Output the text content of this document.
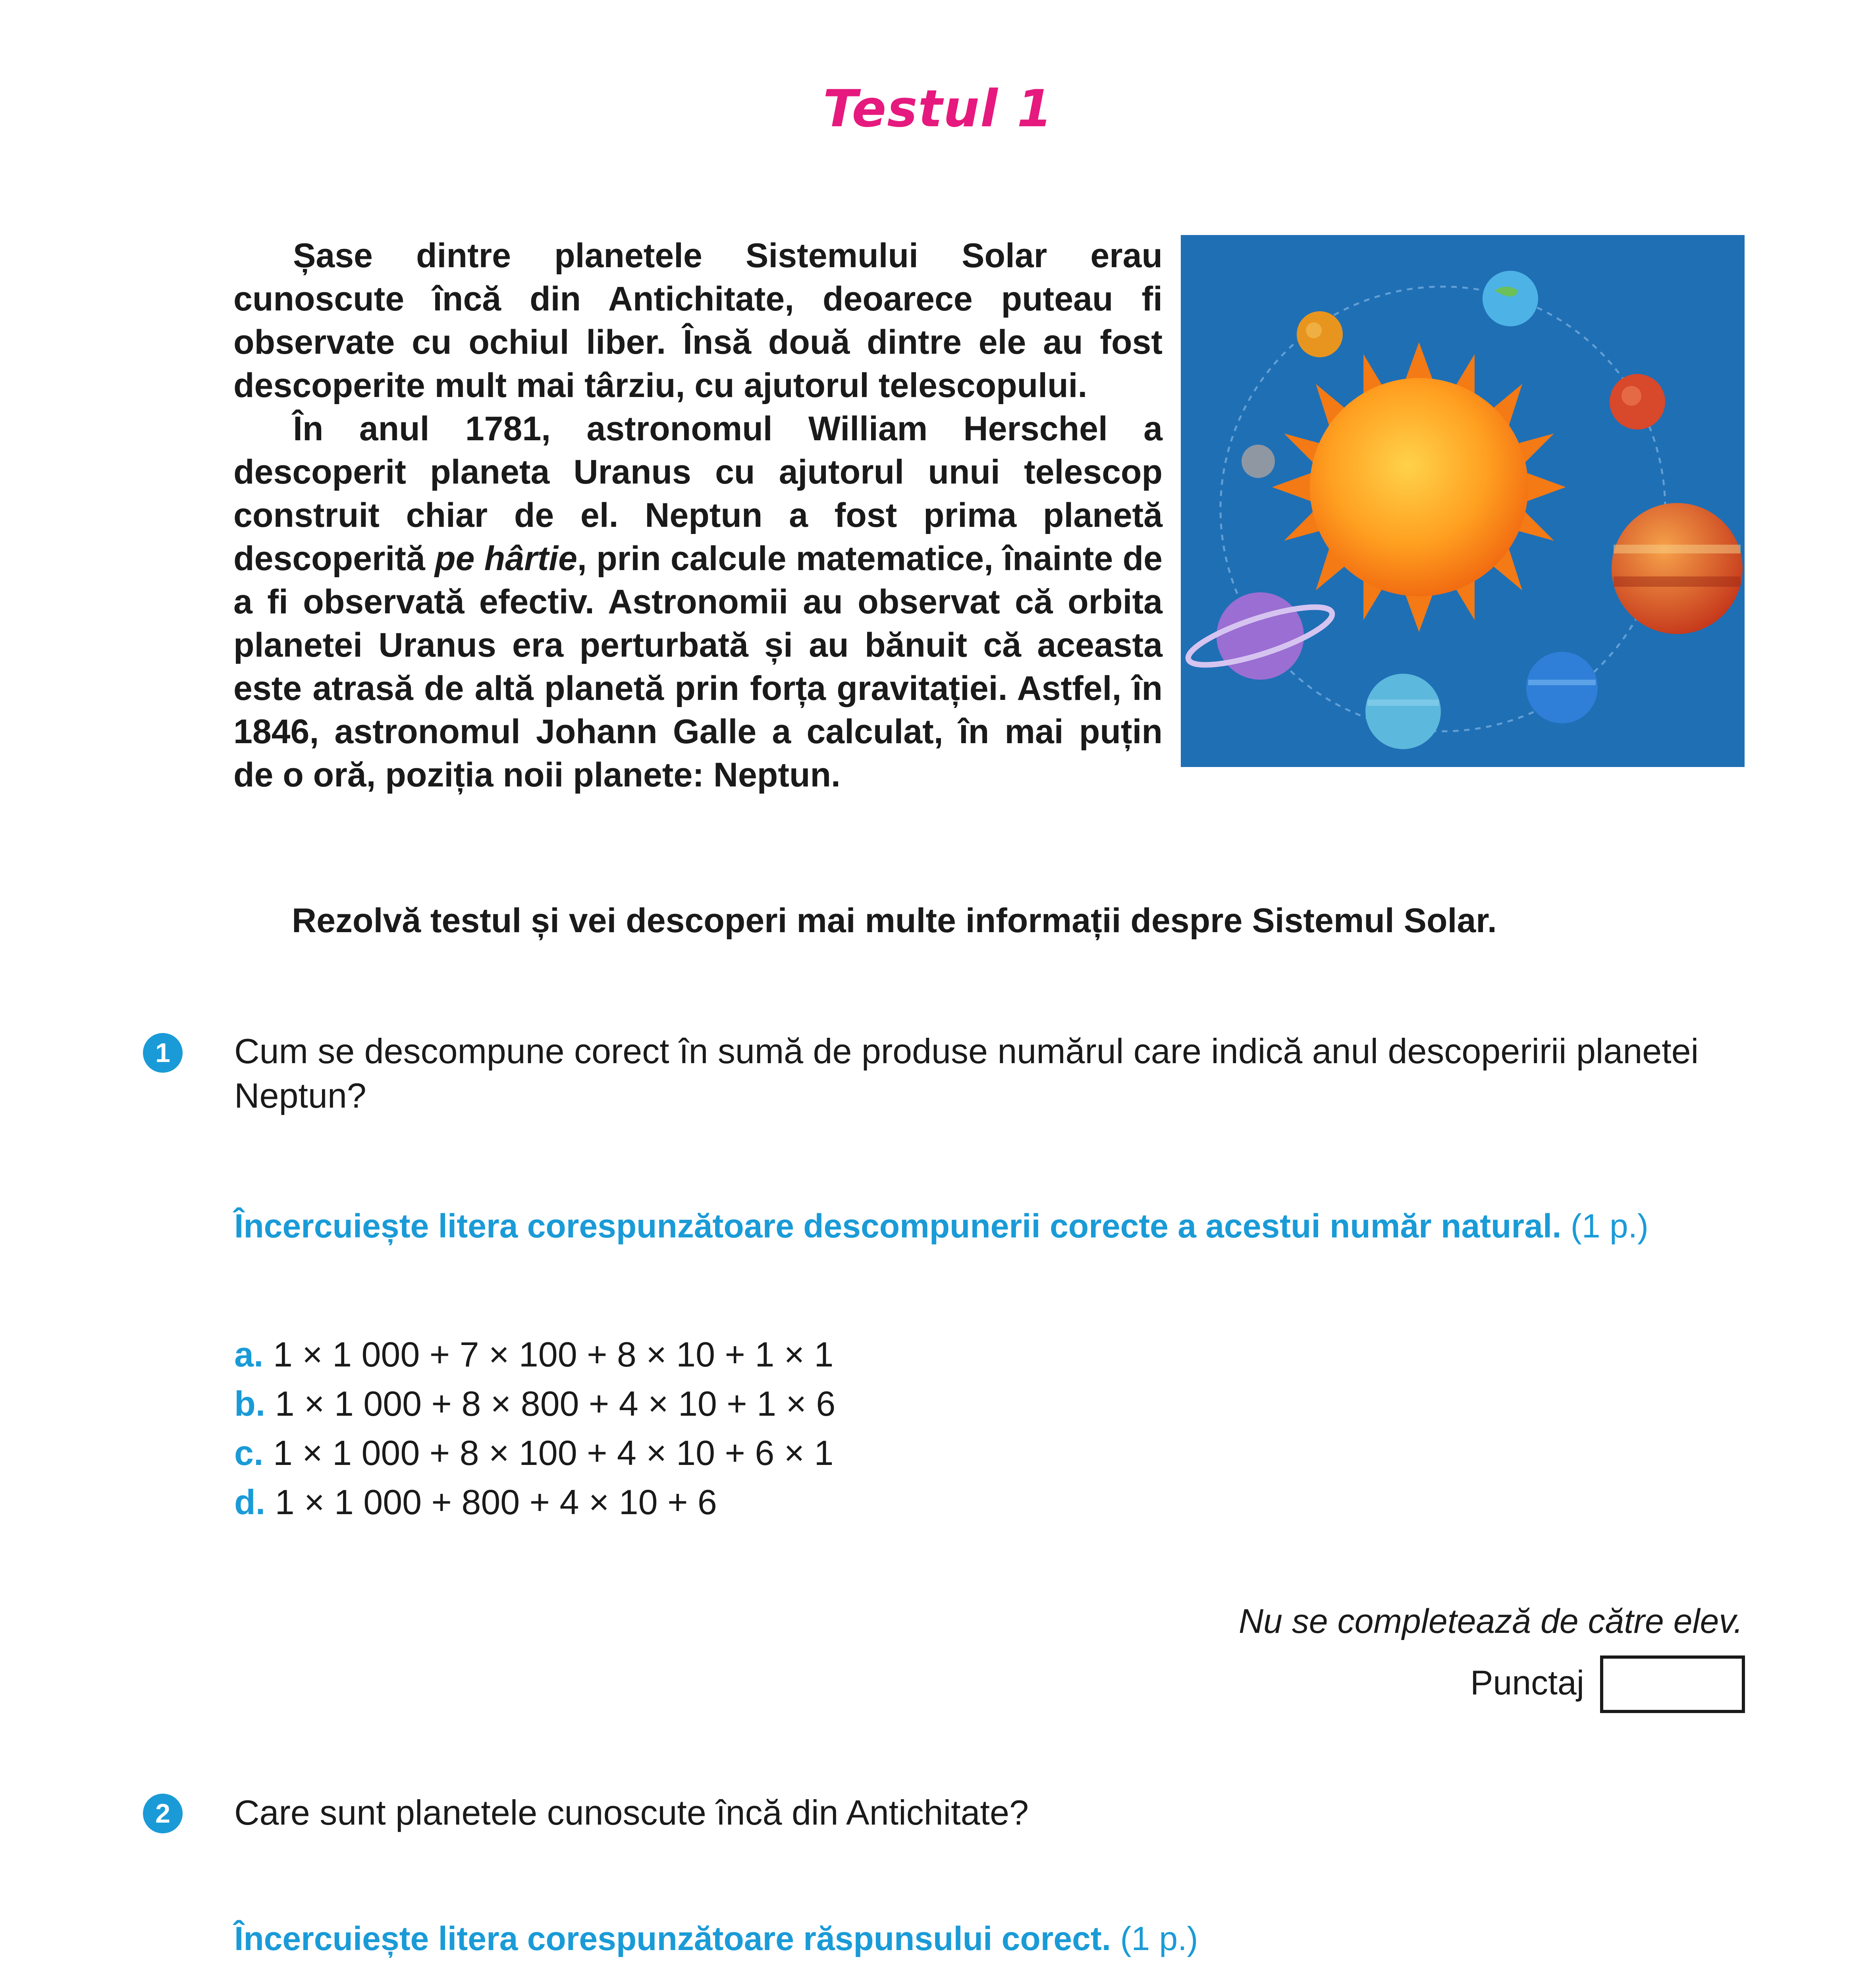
Testul 1

Șase dintre planetele Sistemului Solar erau cunoscute încă din Antichitate, deoarece puteau fi observate cu ochiul liber. Însă două dintre ele au fost descoperite mult mai târziu, cu ajutorul telescopului.

În anul 1781, astronomul William Herschel a descoperit planeta Uranus cu ajutorul unui telescop construit chiar de el. Neptun a fost prima planetă descoperită pe hârtie, prin calcule matematice, înainte de a fi observată efectiv. Astronomii au observat că orbita planetei Uranus era perturbată și au bănuit că aceasta este atrasă de altă planetă prin forța gravitației. Astfel, în 1846, astronomul Johann Galle a calculat, în mai puțin de o oră, poziția noii planete: Neptun.

Rezolvă testul și vei descoperi mai multe informații despre Sistemul Solar.
1	Cum se descompune corect în sumă de produse numărul care indică anul descoperirii planetei Neptun?
Încercuiește litera corespunzătoare descompunerii corecte a acestui număr natural. (1 p.)
a. 1 × 1 000 + 7 × 100 + 8 × 10 + 1 × 1
b. 1 × 1 000 + 8 × 800 + 4 × 10 + 1 × 6
c. 1 × 1 000 + 8 × 100 + 4 × 10 + 6 × 1
d. 1 × 1 000 + 800 + 4 × 10 + 6
Nu se completează de către elev.
Punctaj
2	Care sunt planetele cunoscute încă din Antichitate?
Încercuiește litera corespunzătoare răspunsului corect. (1 p.)
